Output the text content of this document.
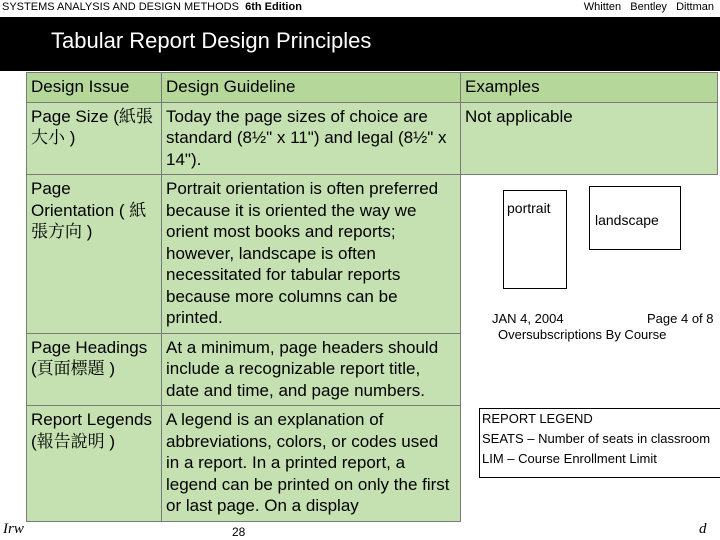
SYSTEMS ANALYSIS AND DESIGN METHODS 6th Edition	Whitten   Bentley   Dittman
Tabular Report Design Principles
Design Issue	Design Guideline	Examples
Page Size (紙張大小 )	Today the page sizes of choice are standard (8½" x 11") and legal (8½" x 14").	Not applicable
Page Orientation ( 紙張方向 )	Portrait orientation is often preferred because it is oriented the way we orient most books and reports; however, landscape is often necessitated for tabular reports because more columns can be printed.	
Page Headings (頁面標題 )	At a minimum, page headers should include a recognizable report title, date and time, and page numbers.	
Report Legends (報告說明 )	A legend is an explanation of abbreviations, colors, or codes used in a report. In a printed report, a legend can be printed on only the first or last page. On a display	
portrait
landscape
JAN 4, 2004	Page 4 of 8
Oversubscriptions By Course
REPORT LEGEND
SEATS – Number of seats in classroom
LIM – Course Enrollment Limit
Irw	28	d
